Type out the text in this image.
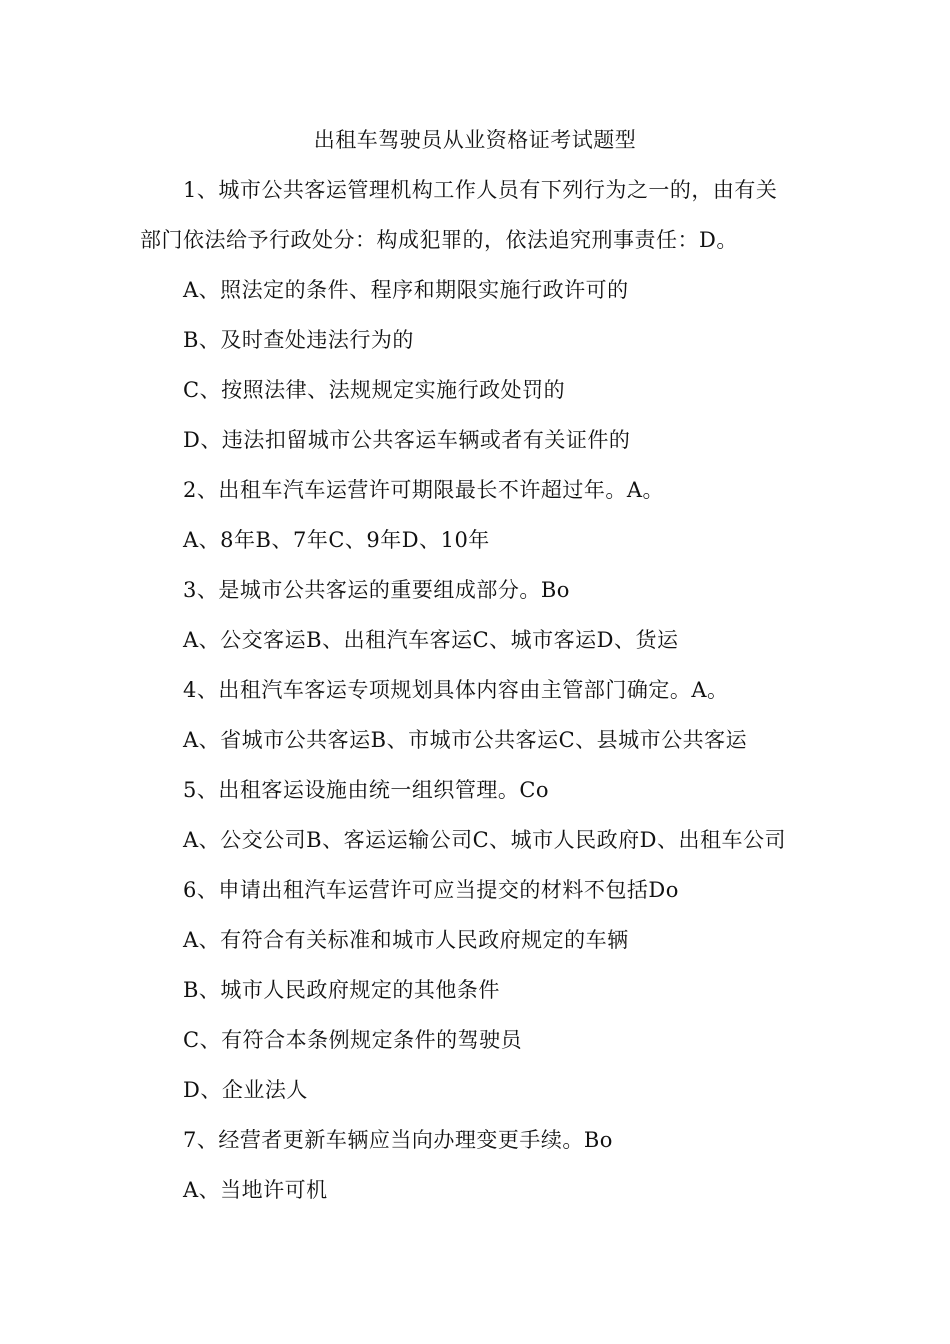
出租车驾驶员从业资格证考试题型
1、城市公共客运管理机构工作人员有下列行为之一的，由有关
部门依法给予行政处分：构成犯罪的，依法追究刑事责任：D。
A、照法定的条件、程序和期限实施行政许可的
B、及时查处违法行为的
C、按照法律、法规规定实施行政处罚的
D、违法扣留城市公共客运车辆或者有关证件的
2、出租车汽车运营许可期限最长不许超过年。A。
A、8年B、7年C、9年D、10年
3、是城市公共客运的重要组成部分。Bo
A、公交客运B、出租汽车客运C、城市客运D、货运
4、出租汽车客运专项规划具体内容由主管部门确定。A。
A、省城市公共客运B、市城市公共客运C、县城市公共客运
5、出租客运设施由统一组织管理。Co
A、公交公司B、客运运输公司C、城市人民政府D、出租车公司
6、申请出租汽车运营许可应当提交的材料不包括Do
A、有符合有关标准和城市人民政府规定的车辆
B、城市人民政府规定的其他条件
C、有符合本条例规定条件的驾驶员
D、企业法人
7、经营者更新车辆应当向办理变更手续。Bo
A、当地许可机
